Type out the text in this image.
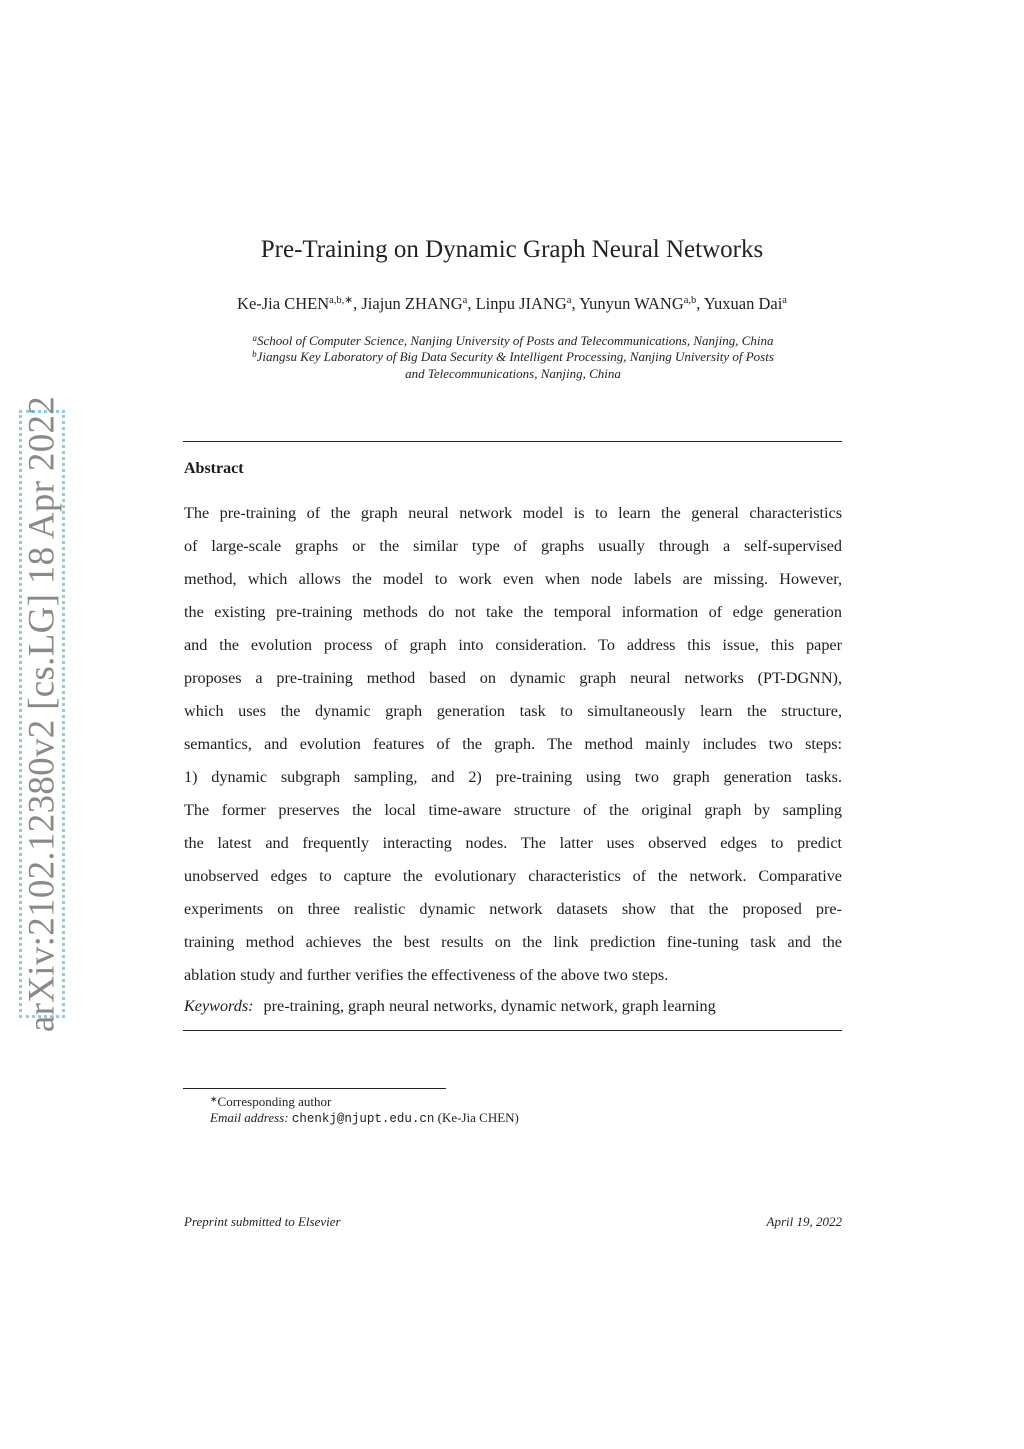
arXiv:2102.12380v2 [cs.LG] 18 Apr 2022
Pre-Training on Dynamic Graph Neural Networks
Ke-Jia $CHEN^{a,b,∗}$, Jiajun ZHANG$^a$, Linpu JIANG$^a$, Yunyun WANG$^{a,b}$, Yuxuan Dai$^a$
$^a$School of Computer Science, Nanjing University of Posts and Telecommunications, Nanjing, China
$^b$Jiangsu Key Laboratory of Big Data Security & Intelligent Processing, Nanjing University of Posts
and Telecommunications, Nanjing, China
Abstract
The pre-training of the graph neural network model is to learn the general characteristics
of large-scale graphs or the similar type of graphs usually through a self-supervised
method, which allows the model to work even when node labels are missing. However,
the existing pre-training methods do not take the temporal information of edge generation
and the evolution process of graph into consideration. To address this issue, this paper
proposes a pre-training method based on dynamic graph neural networks (PT-DGNN),
which uses the dynamic graph generation task to simultaneously learn the structure,
semantics, and evolution features of the graph. The method mainly includes two steps:
1) dynamic subgraph sampling, and 2) pre-training using two graph generation tasks.
The former preserves the local time-aware structure of the original graph by sampling
the latest and frequently interacting nodes. The latter uses observed edges to predict
unobserved edges to capture the evolutionary characteristics of the network. Comparative
experiments on three realistic dynamic network datasets show that the proposed pre-
training method achieves the best results on the link prediction fine-tuning task and the
ablation study and further verifies the effectiveness of the above two steps.
Keywords: pre-training, graph neural networks, dynamic network, graph learning
∗Corresponding author
Email address: chenkj@njupt.edu.cn (Ke-Jia CHEN)
Preprint submitted to Elsevier	April 19, 2022
